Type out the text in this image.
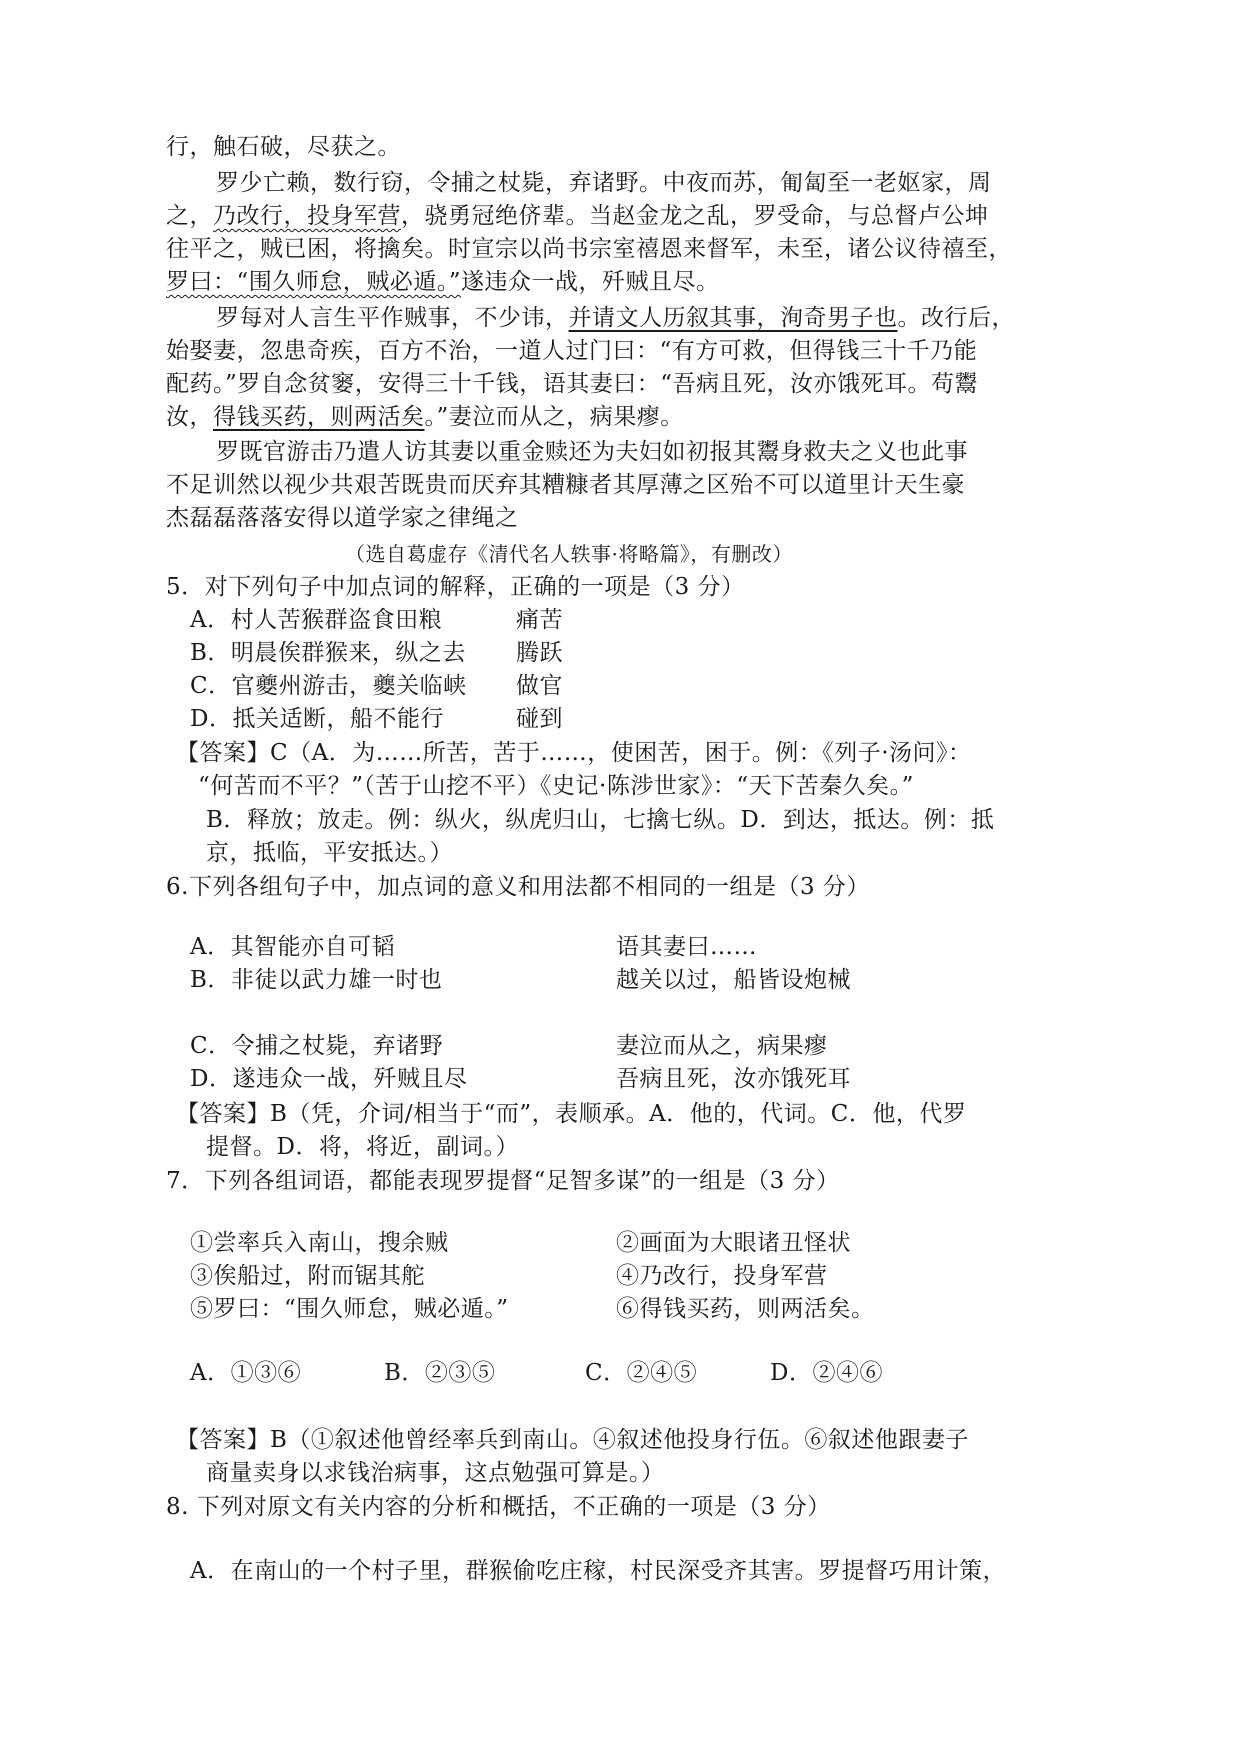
行，触石破，尽获之。
罗少亡赖，数行窃，令捕之杖毙，弃诸野。中夜而苏，匍匐至一老妪家，周
之，乃改行，投身军营，骁勇冠绝侪辈。当赵金龙之乱，罗受命，与总督卢公坤
往平之，贼已困，将擒矣。时宣宗以尚书宗室禧恩来督军，未至，诸公议待禧至，
罗曰：“围久师怠，贼必遁。”遂违众一战，歼贼且尽。
罗每对人言生平作贼事，不少讳，并请文人历叙其事，洵奇男子也。改行后，
始娶妻，忽患奇疾，百方不治，一道人过门曰：“有方可救，但得钱三十千乃能
配药。”罗自念贫窭，安得三十千钱，语其妻曰：“吾病且死，汝亦饿死耳。苟鬻
汝，得钱买药，则两活矣。”妻泣而从之，病果瘳。
罗既官游击乃遣人访其妻以重金赎还为夫妇如初报其鬻身救夫之义也此事
不足训然以视少共艰苦既贵而厌弃其糟糠者其厚薄之区殆不可以道里计天生豪
杰磊磊落落安得以道学家之律绳之
（选自葛虚存《清代名人轶事·将略篇》，有删改）
5．对下列句子中加点词的解释，正确的一项是（3 分）
A．村人苦猴群盗食田粮	痛苦
B．明晨俟群猴来，纵之去 腾跃
C．官夔州游击，夔关临峡 做官
D．抵关适断，船不能行	碰到
【答案】C（A．为……所苦，苦于……，使困苦，困于。例：《列子·汤问》：
“何苦而不平？”（苦于山挖不平）《史记·陈涉世家》：“天下苦秦久矣。”
B．释放；放走。例：纵火，纵虎归山，七擒七纵。D．到达，抵达。例：抵
京，抵临，平安抵达。）
6.下列各组句子中，加点词的意义和用法都不相同的一组是（3 分）
A．其智能亦自可韬	语其妻曰……
B．非徒以武力雄一时也	越关以过，船皆设炮械
C．令捕之杖毙，弃诸野	妻泣而从之，病果瘳
D．遂违众一战，歼贼且尽	吾病且死，汝亦饿死耳
【答案】B（凭，介词/相当于“而”，表顺承。A．他的，代词。C．他，代罗
提督。D．将，将近，副词。）
7．下列各组词语，都能表现罗提督“足智多谋”的一组是（3 分）
①尝率兵入南山，搜余贼	②画面为大眼诸丑怪状
③俟船过，附而锯其舵	④乃改行，投身军营
⑤罗曰：“围久师怠，贼必遁。”	⑥得钱买药，则两活矣。
A．①③⑥	B．②③⑤	C．②④⑤	D．②④⑥
【答案】B（①叙述他曾经率兵到南山。④叙述他投身行伍。⑥叙述他跟妻子
商量卖身以求钱治病事，这点勉强可算是。）
8. 下列对原文有关内容的分析和概括，不正确的一项是（3 分）
A．在南山的一个村子里，群猴偷吃庄稼，村民深受齐其害。罗提督巧用计策，
